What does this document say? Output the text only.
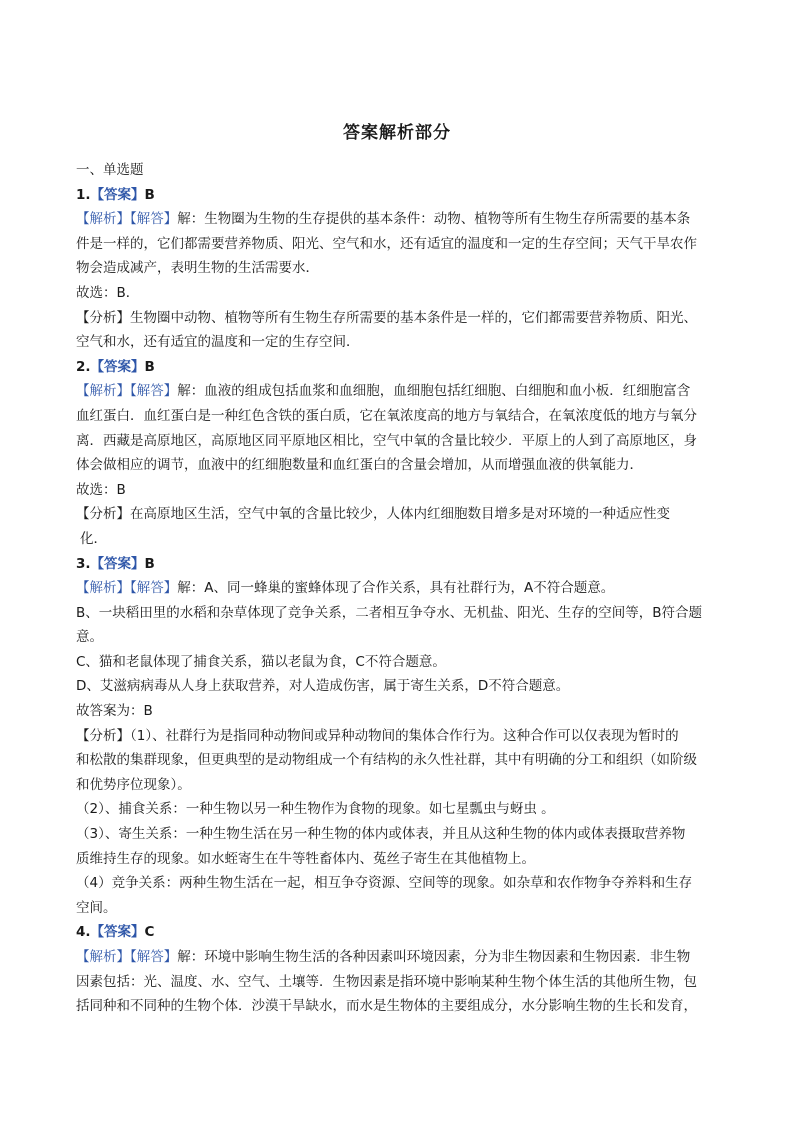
答案解析部分
一、单选题
1.【答案】B
【解析】【解答】解：生物圈为生物的生存提供的基本条件：动物、植物等所有生物生存所需要的基本条
件是一样的，它们都需要营养物质、阳光、空气和水，还有适宜的温度和一定的生存空间；天气干旱农作
物会造成减产，表明生物的生活需要水．
故选：B．
【分析】生物圈中动物、植物等所有生物生存所需要的基本条件是一样的，它们都需要营养物质、阳光、
空气和水，还有适宜的温度和一定的生存空间．
2.【答案】B
【解析】【解答】解：血液的组成包括血浆和血细胞，血细胞包括红细胞、白细胞和血小板．红细胞富含
血红蛋白．血红蛋白是一种红色含铁的蛋白质，它在氧浓度高的地方与氧结合，在氧浓度低的地方与氧分
离．西藏是高原地区，高原地区同平原地区相比，空气中氧的含量比较少．平原上的人到了高原地区，身
体会做相应的调节，血液中的红细胞数量和血红蛋白的含量会增加，从而增强血液的供氧能力．
故选：B
【分析】在高原地区生活，空气中氧的含量比较少，人体内红细胞数目增多是对环境的一种适应性变
化．
3.【答案】B
【解析】【解答】解：A、同一蜂巢的蜜蜂体现了合作关系，具有社群行为，A不符合题意。
B、一块稻田里的水稻和杂草体现了竞争关系，二者相互争夺水、无机盐、阳光、生存的空间等，B符合题
意。
C、猫和老鼠体现了捕食关系，猫以老鼠为食，C不符合题意。
D、艾滋病病毒从人身上获取营养，对人造成伤害，属于寄生关系，D不符合题意。
故答案为：B
【分析】（1）、社群行为是指同种动物间或异种动物间的集体合作行为。这种合作可以仅表现为暂时的
和松散的集群现象，但更典型的是动物组成一个有结构的永久性社群，其中有明确的分工和组织（如阶级
和优势序位现象）。
（2）、捕食关系：一种生物以另一种生物作为食物的现象。如七星瓢虫与蚜虫 。
（3）、寄生关系：一种生物生活在另一种生物的体内或体表，并且从这种生物的体内或体表摄取营养物
质维持生存的现象。如水蛭寄生在牛等牲畜体内、菟丝子寄生在其他植物上。
（4）竞争关系：两种生物生活在一起，相互争夺资源、空间等的现象。如杂草和农作物争夺养料和生存
空间。
4.【答案】C
【解析】【解答】解：环境中影响生物生活的各种因素叫环境因素，分为非生物因素和生物因素．非生物
因素包括：光、温度、水、空气、土壤等．生物因素是指环境中影响某种生物个体生活的其他所生物，包
括同种和不同种的生物个体．沙漠干旱缺水，而水是生物体的主要组成分，水分影响生物的生长和发育，
